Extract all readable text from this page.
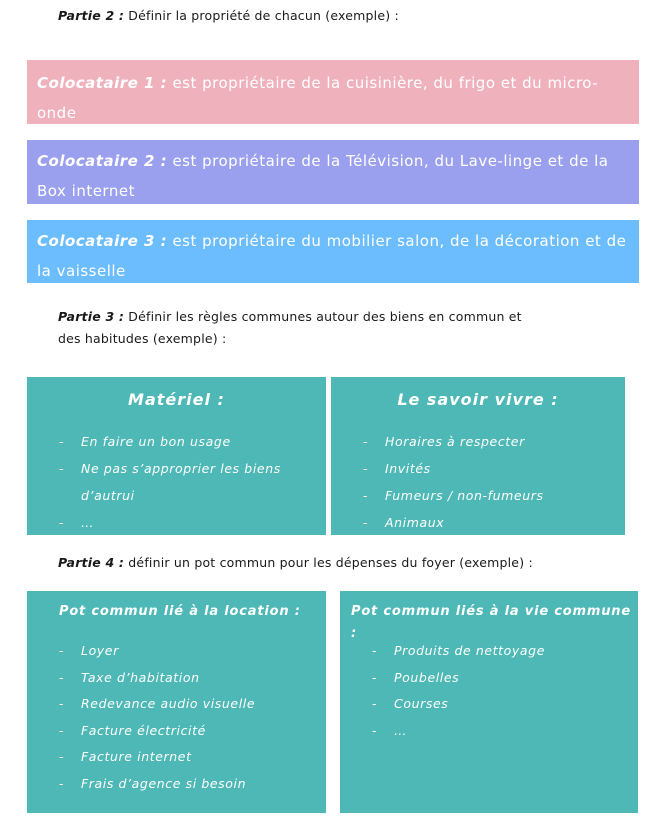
Partie 2 : Définir la propriété de chacun (exemple) :
Colocataire 1 : est propriétaire de la cuisinière, du frigo et du micro-onde
Colocataire 2 : est propriétaire de la Télévision, du Lave-linge et de la Box internet
Colocataire 3 : est propriétaire du mobilier salon, de la décoration et de la vaisselle
Partie 3 : Définir les règles communes autour des biens en commun et des habitudes (exemple) :
Matériel :
- En faire un bon usage
- Ne pas s’approprier les biens d’autrui
- …
Le savoir vivre :
- Horaires à respecter
- Invités
- Fumeurs / non-fumeurs
- Animaux
Partie 4 : définir un pot commun pour les dépenses du foyer (exemple) :
Pot commun lié à la location :
- Loyer
- Taxe d’habitation
- Redevance audio visuelle
- Facture électricité
- Facture internet
- Frais d’agence si besoin
Pot commun liés à la vie commune :
- Produits de nettoyage
- Poubelles
- Courses
- …
